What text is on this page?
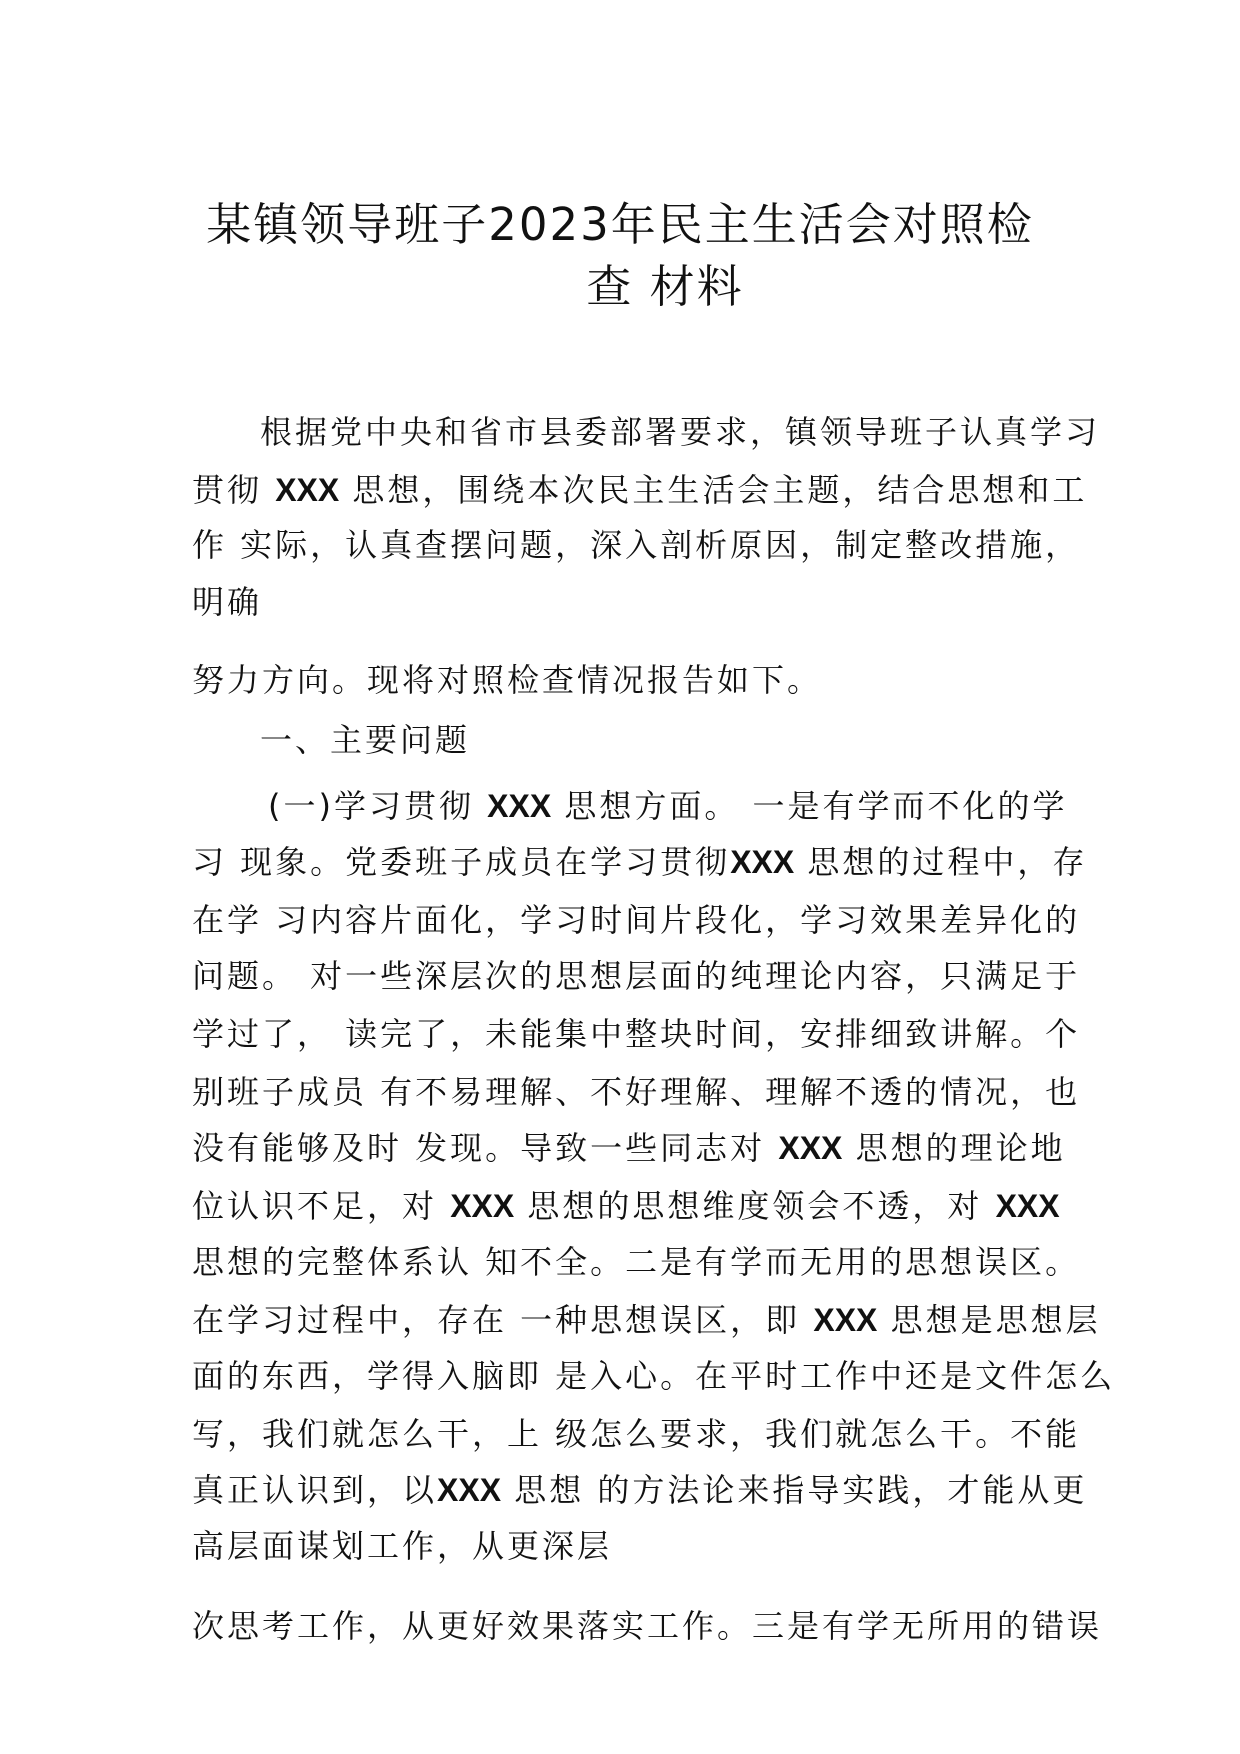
某镇领导班子2023年民主生活会对照检
查 材料
根据党中央和省市县委部署要求，镇领导班子认真学习
贯彻 XXX 思想，围绕本次民主生活会主题，结合思想和工
作 实际，认真查摆问题，深入剖析原因，制定整改措施，
明确
努力方向。现将对照检查情况报告如下。
一、主要问题
(一)学习贯彻 XXX 思想方面。 一是有学而不化的学
习 现象。党委班子成员在学习贯彻XXX 思想的过程中，存
在学 习内容片面化，学习时间片段化，学习效果差异化的
问题。 对一些深层次的思想层面的纯理论内容，只满足于
学过了， 读完了，未能集中整块时间，安排细致讲解。个
别班子成员 有不易理解、不好理解、理解不透的情况，也
没有能够及时 发现。导致一些同志对 XXX 思想的理论地
位认识不足，对 XXX 思想的思想维度领会不透，对 XXX
思想的完整体系认 知不全。二是有学而无用的思想误区。
在学习过程中，存在 一种思想误区，即 XXX 思想是思想层
面的东西，学得入脑即 是入心。在平时工作中还是文件怎么
写，我们就怎么干，上 级怎么要求，我们就怎么干。不能
真正认识到，以XXX 思想 的方法论来指导实践，才能从更
高层面谋划工作，从更深层
次思考工作，从更好效果落实工作。三是有学无所用的错误
